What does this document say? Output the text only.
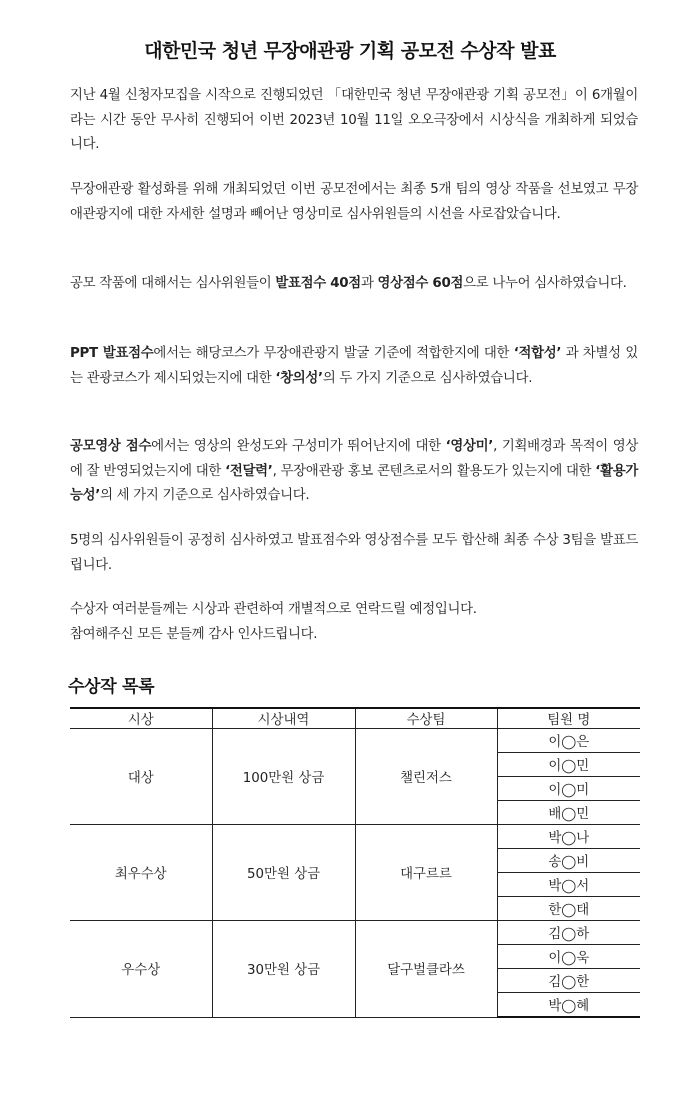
대한민국 청년 무장애관광 기획 공모전 수상작 발표

지난 4월 신청자모집을 시작으로 진행되었던 「대한민국 청년 무장애관광 기획 공모전」이 6개월이라는 시간 동안 무사히 진행되어 이번 2023년 10월 11일 오오극장에서 시상식을 개최하게 되었습니다.

무장애관광 활성화를 위해 개최되었던 이번 공모전에서는 최종 5개 팀의 영상 작품을 선보였고 무장애관광지에 대한 자세한 설명과 빼어난 영상미로 심사위원들의 시선을 사로잡았습니다.

공모 작품에 대해서는 심사위원들이 발표점수 40점과 영상점수 60점으로 나누어 심사하였습니다.

PPT 발표점수에서는 해당코스가 무장애관광지 발굴 기준에 적합한지에 대한 ‘적합성’ 과 차별성 있는 관광코스가 제시되었는지에 대한 ‘창의성’의 두 가지 기준으로 심사하였습니다.

공모영상 점수에서는 영상의 완성도와 구성미가 뛰어난지에 대한 ‘영상미’, 기획배경과 목적이 영상에 잘 반영되었는지에 대한 ‘전달력’, 무장애관광 홍보 콘텐츠로서의 활용도가 있는지에 대한 ‘활용가능성’의 세 가지 기준으로 심사하였습니다.

5명의 심사위원들이 공정히 심사하였고 발표점수와 영상점수를 모두 합산해 최종 수상 3팀을 발표드립니다.

수상자 여러분들께는 시상과 관련하여 개별적으로 연락드릴 예정입니다.
참여해주신 모든 분들께 감사 인사드립니다.

수상작 목록
시상	시상내역	수상팀	팀원 명
대상	100만원 상금	챌린저스	이◯은
			이◯민
			이◯미
			배◯민
최우수상	50만원 상금	대구르르	박◯나
			송◯비
			박◯서
			한◯태
우수상	30만원 상금	달구벌클라쓰	김◯하
			이◯욱
			김◯한
			박◯혜
